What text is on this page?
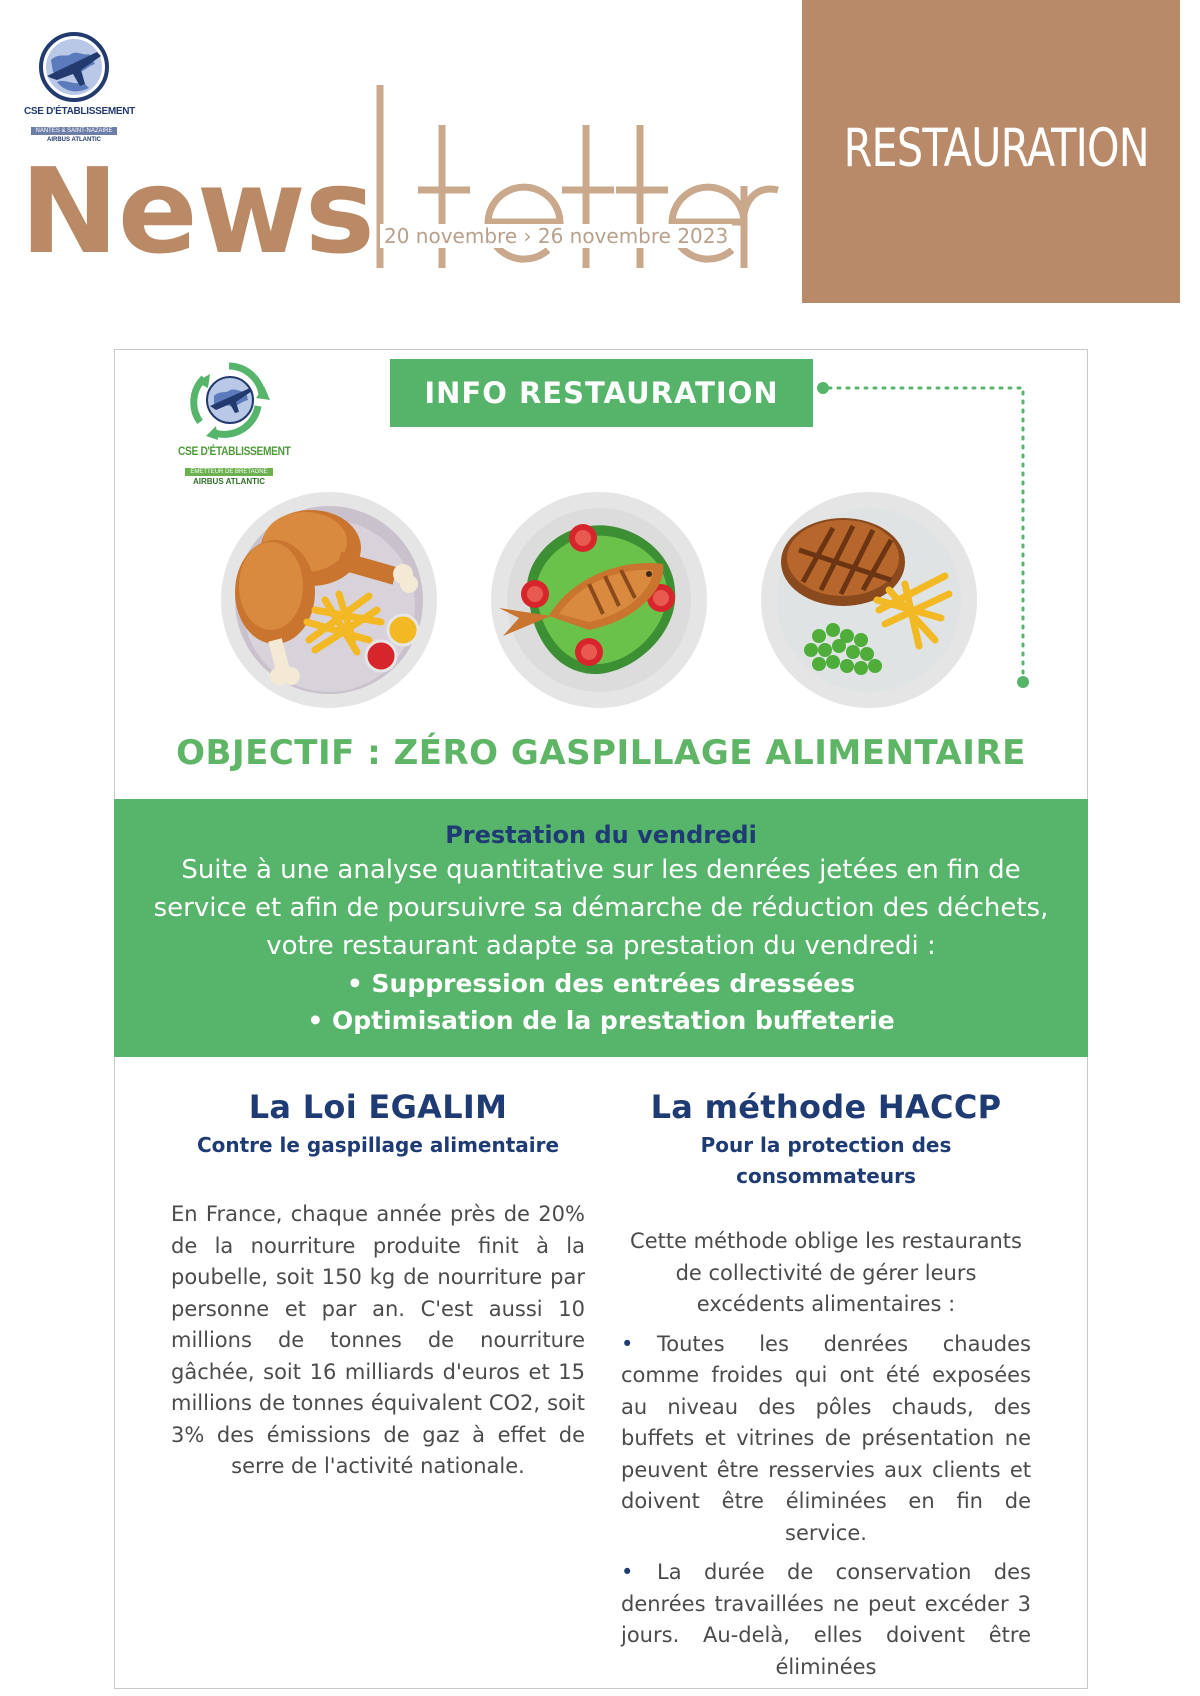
CSE D'ÉTABLISSEMENT
NANTES & SAINT-NAZAIRE
AIRBUS ATLANTIC
News 20 novembre › 26 novembre 2023
RESTAURATION
CSE D'ÉTABLISSEMENT
ÉMETTEUR DE BRETAGNE
AIRBUS ATLANTIC
INFO RESTAURATION
OBJECTIF : ZÉRO GASPILLAGE ALIMENTAIRE
Prestation du vendredi
Suite à une analyse quantitative sur les denrées jetées en fin de service et afin de poursuivre sa démarche de réduction des déchets, votre restaurant adapte sa prestation du vendredi :
• Suppression des entrées dressées
• Optimisation de la prestation buffeterie
La Loi EGALIM
Contre le gaspillage alimentaire
En France, chaque année près de 20% de la nourriture produite finit à la poubelle, soit 150 kg de nourriture par personne et par an. C'est aussi 10 millions de tonnes de nourriture gâchée, soit 16 milliards d'euros et 15 millions de tonnes équivalent CO2, soit 3% des émissions de gaz à effet de serre de l'activité nationale.
La méthode HACCP
Pour la protection des consommateurs
Cette méthode oblige les restaurants de collectivité de gérer leurs excédents alimentaires :
•	Toutes les denrées chaudes comme froides qui ont été exposées au niveau des pôles chauds, des buffets et vitrines de présentation ne peuvent être resservies aux clients et doivent être éliminées en fin de service.
•	La durée de conservation des denrées travaillées ne peut excéder 3 jours. Au-delà, elles doivent être éliminées
